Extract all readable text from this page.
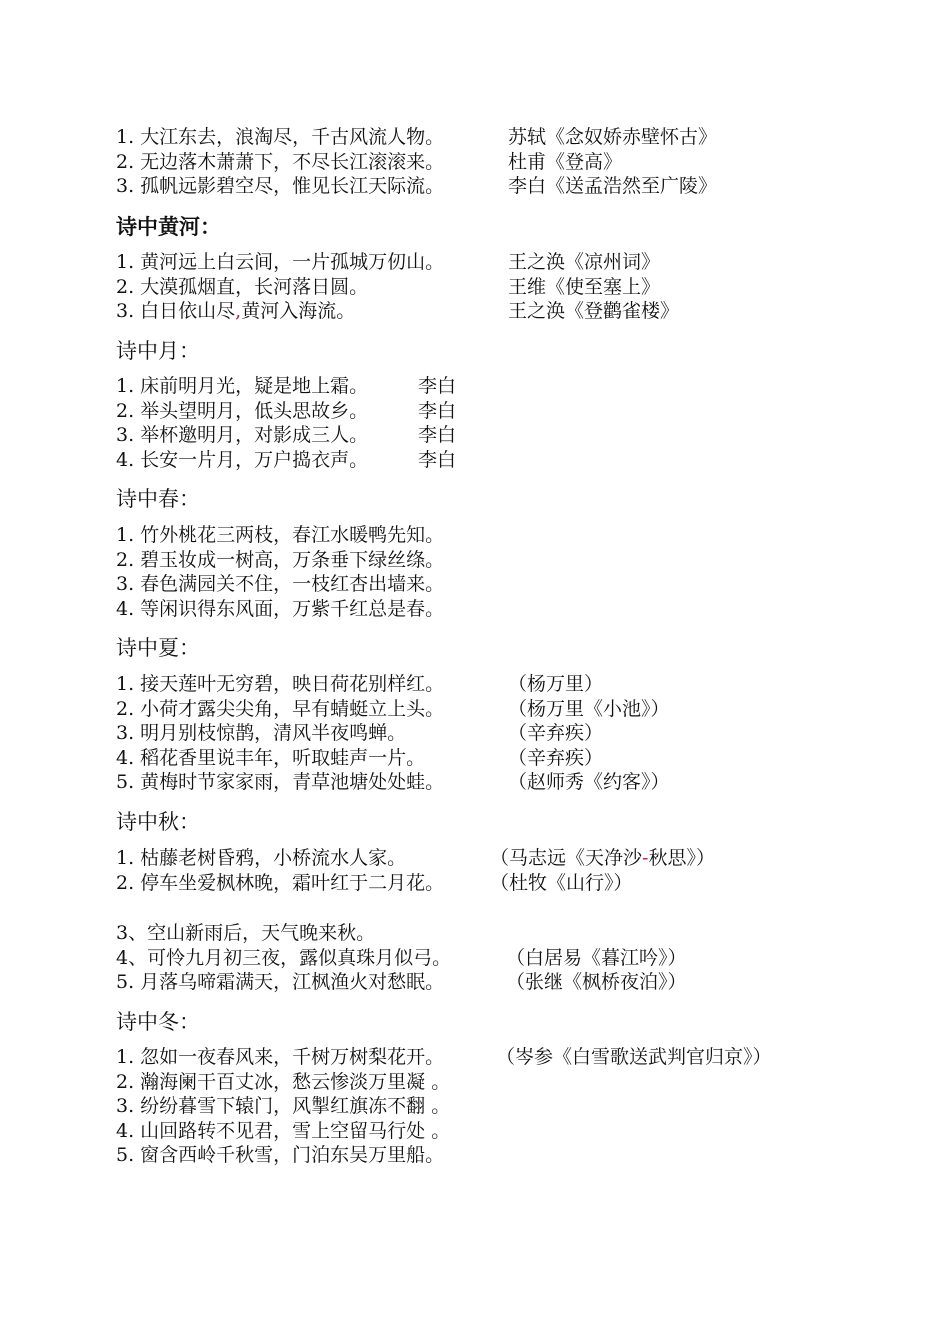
1. 大江东去，浪淘尽，千古风流人物。	苏轼《念奴娇赤壁怀古》
2. 无边落木萧萧下，不尽长江滚滚来。	杜甫《登高》
3. 孤帆远影碧空尽，惟见长江天际流。	李白《送孟浩然至广陵》
诗中黄河：
1. 黄河远上白云间，一片孤城万仞山。	王之涣《凉州词》
2. 大漠孤烟直，长河落日圆。	王维《使至塞上》
3. 白日依山尽,黄河入海流。	王之涣《登鹳雀楼》
诗中月：
1. 床前明月光，疑是地上霜。	李白
2. 举头望明月，低头思故乡。	李白
3. 举杯邀明月，对影成三人。	李白
4. 长安一片月，万户捣衣声。	李白
诗中春：
1. 竹外桃花三两枝，春江水暖鸭先知。
2. 碧玉妆成一树高，万条垂下绿丝绦。
3. 春色满园关不住，一枝红杏出墙来。
4. 等闲识得东风面，万紫千红总是春。
诗中夏：
1. 接天莲叶无穷碧，映日荷花别样红。	（杨万里）
2. 小荷才露尖尖角，早有蜻蜓立上头。	（杨万里《小池》）
3. 明月别枝惊鹊，清风半夜鸣蝉。	（辛弃疾）
4. 稻花香里说丰年，听取蛙声一片。	（辛弃疾）
5. 黄梅时节家家雨，青草池塘处处蛙。	（赵师秀《约客》）
诗中秋：
1. 枯藤老树昏鸦，小桥流水人家。	（马志远《天净沙-秋思》）
2. 停车坐爱枫林晚，霜叶红于二月花。 （杜牧《山行》）
3、空山新雨后，天气晚来秋。
4、可怜九月初三夜，露似真珠月似弓。	（白居易《暮江吟》）
5. 月落乌啼霜满天，江枫渔火对愁眠。	（张继《枫桥夜泊》）
诗中冬：
1. 忽如一夜春风来，千树万树梨花开。	（岑参《白雪歌送武判官归京》）
2. 瀚海阑干百丈冰，愁云惨淡万里凝 。
3. 纷纷暮雪下辕门，风掣红旗冻不翻 。
4. 山回路转不见君，雪上空留马行处 。
5. 窗含西岭千秋雪，门泊东吴万里船。
